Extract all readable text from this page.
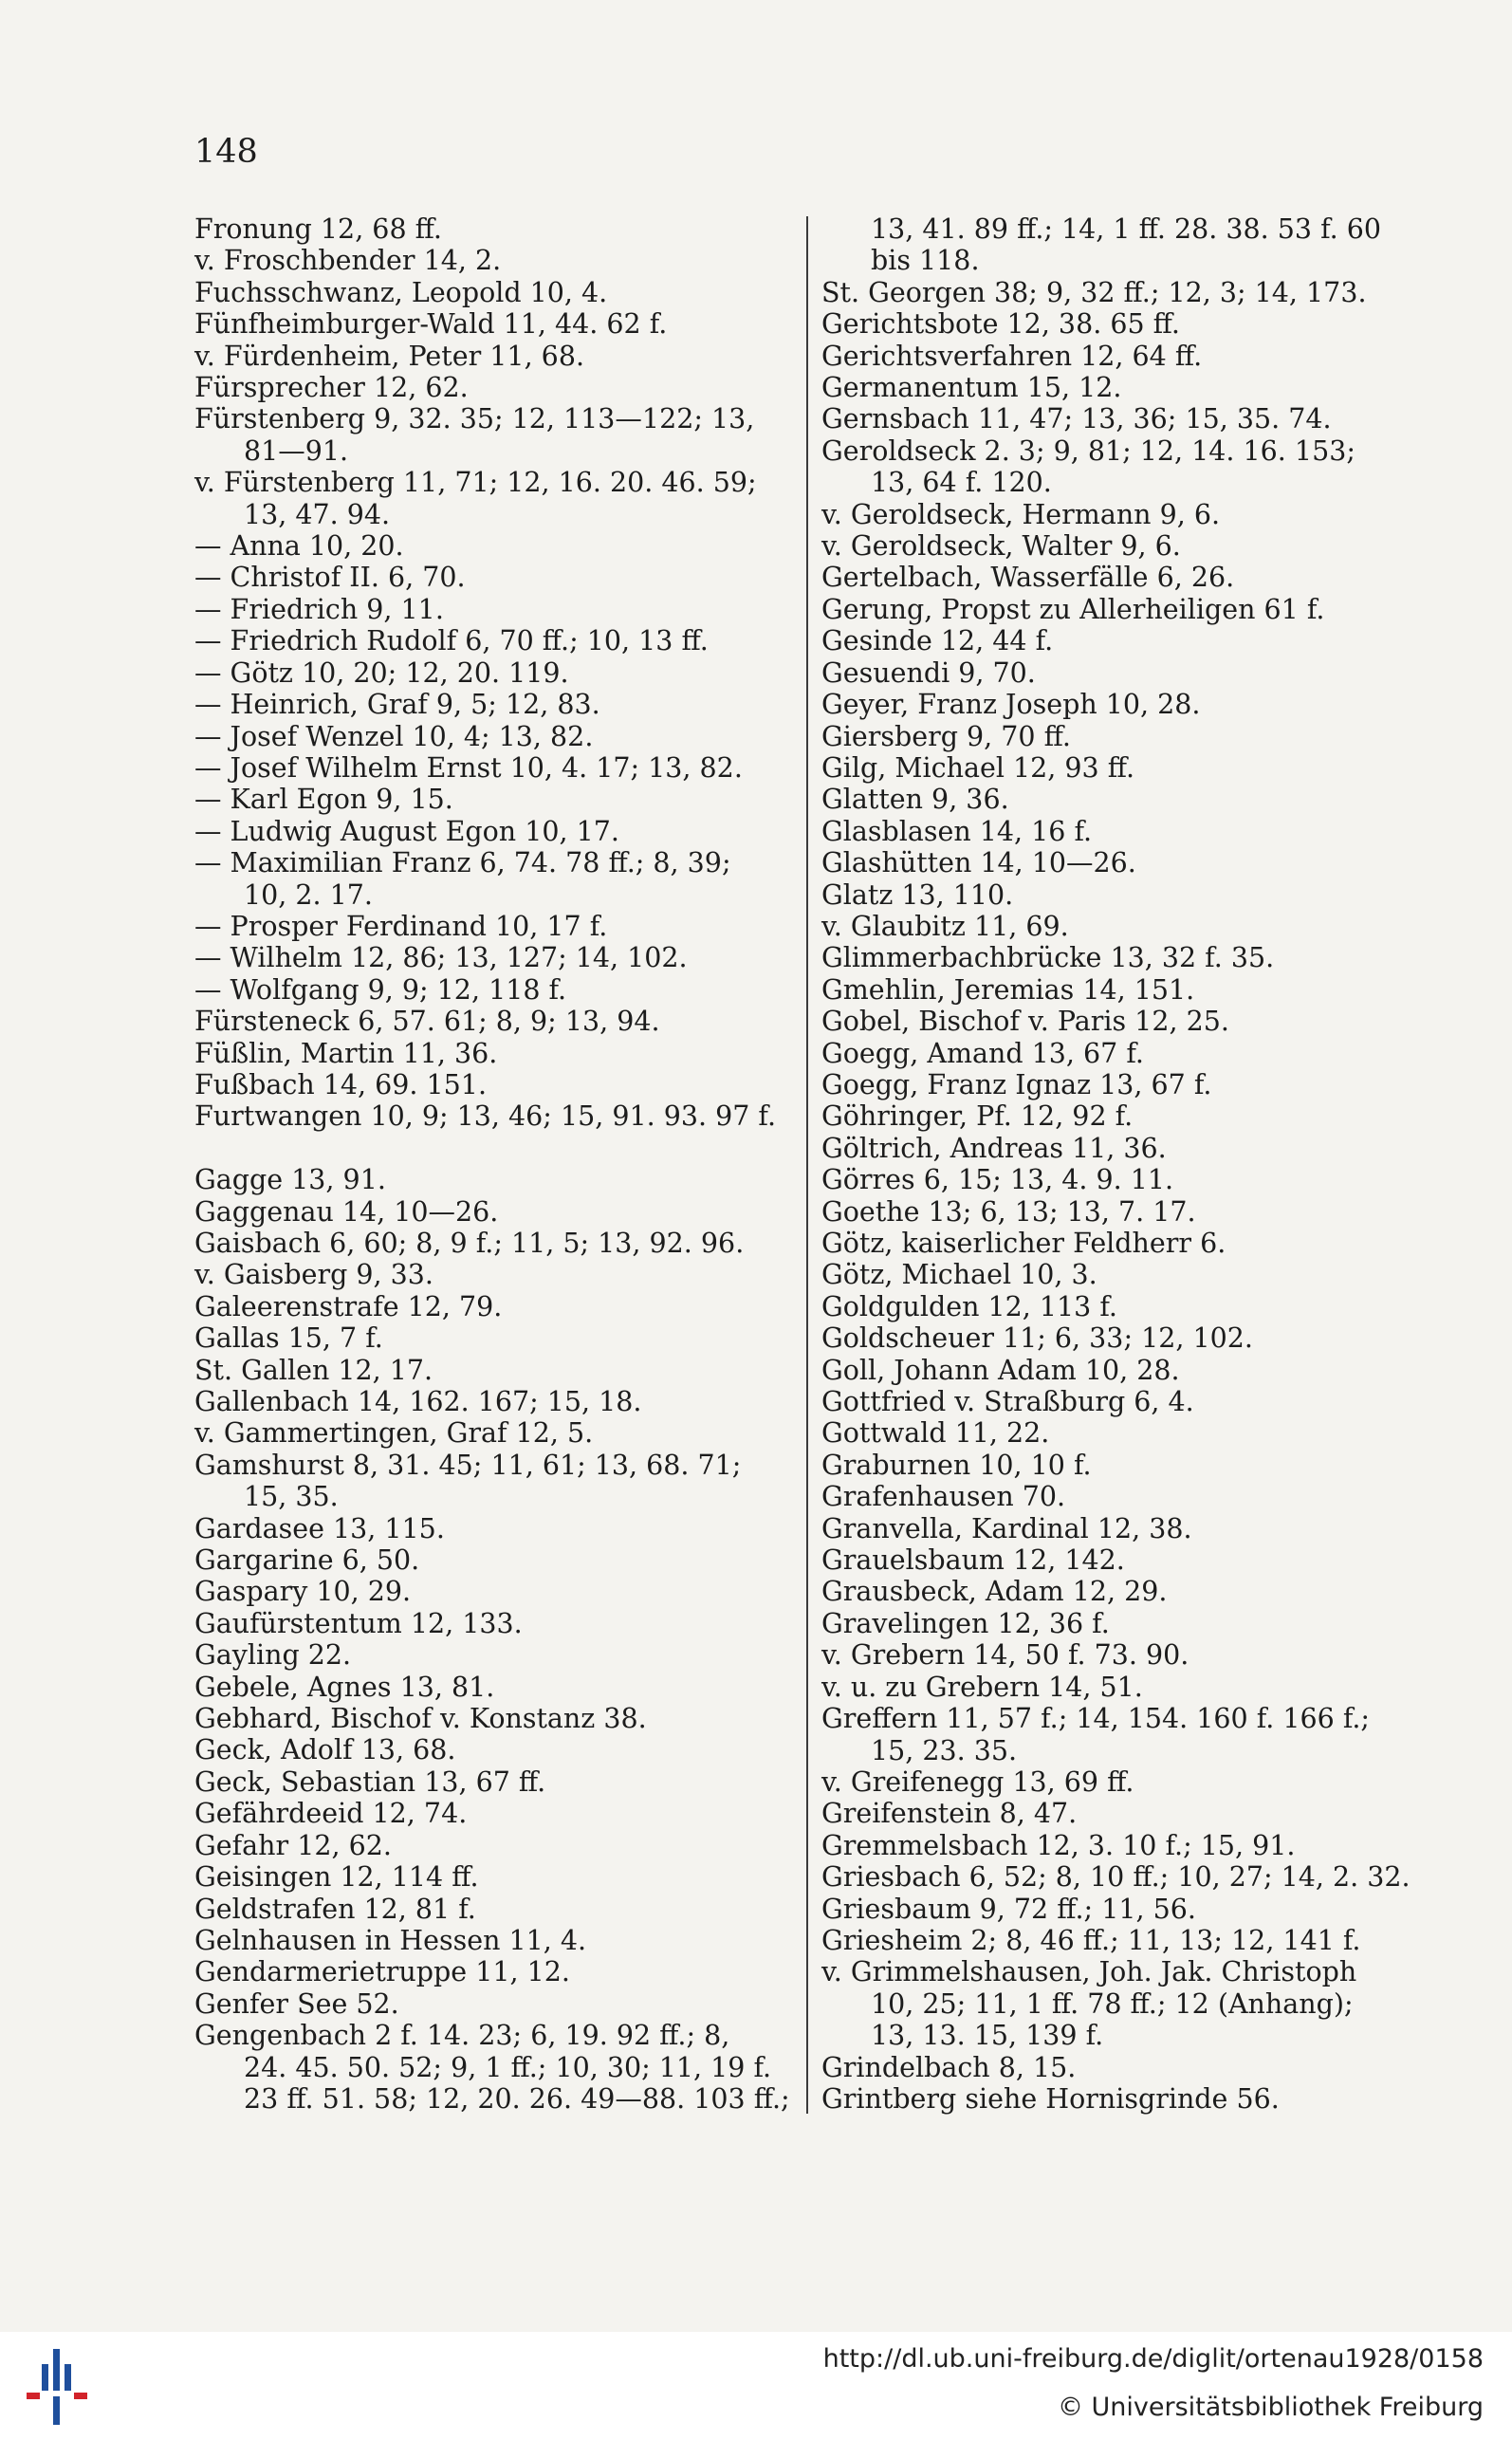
148
Fronung 12, 68 ff.
v. Froschbender 14, 2.
Fuchsschwanz, Leopold 10, 4.
Fünfheimburger-Wald 11, 44. 62 f.
v. Fürdenheim, Peter 11, 68.
Fürsprecher 12, 62.
Fürstenberg 9, 32. 35; 12, 113—122; 13,
81—91.
v. Fürstenberg 11, 71; 12, 16. 20. 46. 59;
13, 47. 94.
— Anna 10, 20.
— Christof II. 6, 70.
— Friedrich 9, 11.
— Friedrich Rudolf 6, 70 ff.; 10, 13 ff.
— Götz 10, 20; 12, 20. 119.
— Heinrich, Graf 9, 5; 12, 83.
— Josef Wenzel 10, 4; 13, 82.
— Josef Wilhelm Ernst 10, 4. 17; 13, 82.
— Karl Egon 9, 15.
— Ludwig August Egon 10, 17.
— Maximilian Franz 6, 74. 78 ff.; 8, 39;
10, 2. 17.
— Prosper Ferdinand 10, 17 f.
— Wilhelm 12, 86; 13, 127; 14, 102.
— Wolfgang 9, 9; 12, 118 f.
Fürsteneck 6, 57. 61; 8, 9; 13, 94.
Füßlin, Martin 11, 36.
Fußbach 14, 69. 151.
Furtwangen 10, 9; 13, 46; 15, 91. 93. 97 f.
Gagge 13, 91.
Gaggenau 14, 10—26.
Gaisbach 6, 60; 8, 9 f.; 11, 5; 13, 92. 96.
v. Gaisberg 9, 33.
Galeerenstrafe 12, 79.
Gallas 15, 7 f.
St. Gallen 12, 17.
Gallenbach 14, 162. 167; 15, 18.
v. Gammertingen, Graf 12, 5.
Gamshurst 8, 31. 45; 11, 61; 13, 68. 71;
15, 35.
Gardasee 13, 115.
Gargarine 6, 50.
Gaspary 10, 29.
Gaufürstentum 12, 133.
Gayling 22.
Gebele, Agnes 13, 81.
Gebhard, Bischof v. Konstanz 38.
Geck, Adolf 13, 68.
Geck, Sebastian 13, 67 ff.
Gefährdeeid 12, 74.
Gefahr 12, 62.
Geisingen 12, 114 ff.
Geldstrafen 12, 81 f.
Gelnhausen in Hessen 11, 4.
Gendarmerietruppe 11, 12.
Genfer See 52.
Gengenbach 2 f. 14. 23; 6, 19. 92 ff.; 8,
24. 45. 50. 52; 9, 1 ff.; 10, 30; 11, 19 f.
23 ff. 51. 58; 12, 20. 26. 49—88. 103 ff.;
13, 41. 89 ff.; 14, 1 ff. 28. 38. 53 f. 60
bis 118.
St. Georgen 38; 9, 32 ff.; 12, 3; 14, 173.
Gerichtsbote 12, 38. 65 ff.
Gerichtsverfahren 12, 64 ff.
Germanentum 15, 12.
Gernsbach 11, 47; 13, 36; 15, 35. 74.
Geroldseck 2. 3; 9, 81; 12, 14. 16. 153;
13, 64 f. 120.
v. Geroldseck, Hermann 9, 6.
v. Geroldseck, Walter 9, 6.
Gertelbach, Wasserfälle 6, 26.
Gerung, Propst zu Allerheiligen 61 f.
Gesinde 12, 44 f.
Gesuendi 9, 70.
Geyer, Franz Joseph 10, 28.
Giersberg 9, 70 ff.
Gilg, Michael 12, 93 ff.
Glatten 9, 36.
Glasblasen 14, 16 f.
Glashütten 14, 10—26.
Glatz 13, 110.
v. Glaubitz 11, 69.
Glimmerbachbrücke 13, 32 f. 35.
Gmehlin, Jeremias 14, 151.
Gobel, Bischof v. Paris 12, 25.
Goegg, Amand 13, 67 f.
Goegg, Franz Ignaz 13, 67 f.
Göhringer, Pf. 12, 92 f.
Göltrich, Andreas 11, 36.
Görres 6, 15; 13, 4. 9. 11.
Goethe 13; 6, 13; 13, 7. 17.
Götz, kaiserlicher Feldherr 6.
Götz, Michael 10, 3.
Goldgulden 12, 113 f.
Goldscheuer 11; 6, 33; 12, 102.
Goll, Johann Adam 10, 28.
Gottfried v. Straßburg 6, 4.
Gottwald 11, 22.
Graburnen 10, 10 f.
Grafenhausen 70.
Granvella, Kardinal 12, 38.
Grauelsbaum 12, 142.
Grausbeck, Adam 12, 29.
Gravelingen 12, 36 f.
v. Grebern 14, 50 f. 73. 90.
v. u. zu Grebern 14, 51.
Greffern 11, 57 f.; 14, 154. 160 f. 166 f.;
15, 23. 35.
v. Greifenegg 13, 69 ff.
Greifenstein 8, 47.
Gremmelsbach 12, 3. 10 f.; 15, 91.
Griesbach 6, 52; 8, 10 ff.; 10, 27; 14, 2. 32.
Griesbaum 9, 72 ff.; 11, 56.
Griesheim 2; 8, 46 ff.; 11, 13; 12, 141 f.
v. Grimmelshausen, Joh. Jak. Christoph
10, 25; 11, 1 ff. 78 ff.; 12 (Anhang);
13, 13. 15, 139 f.
Grindelbach 8, 15.
Grintberg siehe Hornisgrinde 56.
http://dl.ub.uni-freiburg.de/diglit/ortenau1928/0158
© Universitätsbibliothek Freiburg
